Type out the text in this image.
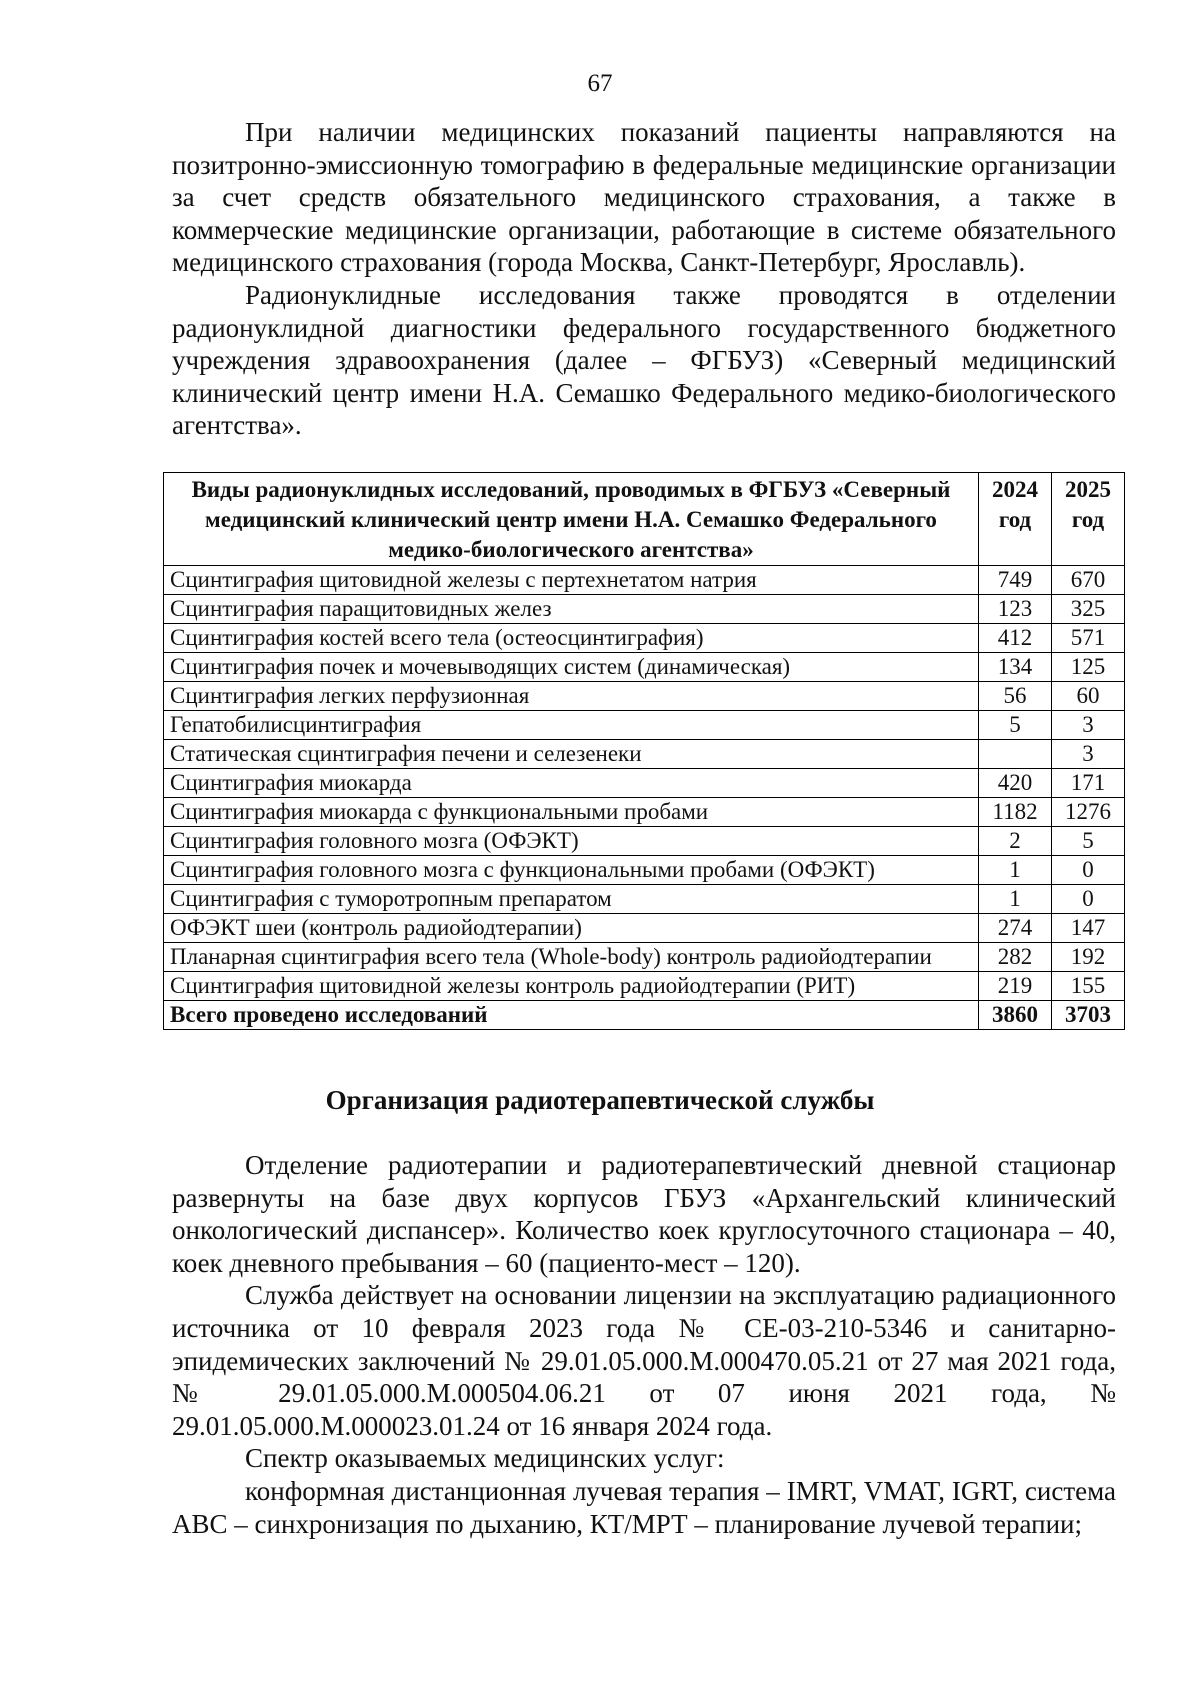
67

При наличии медицинских показаний пациенты направляются на позитронно-эмиссионную томографию в федеральные медицинские организации за счет средств обязательного медицинского страхования, а также в коммерческие медицинские организации, работающие в системе обязательного медицинского страхования (города Москва, Санкт-Петербург, Ярославль).

Радионуклидные исследования также проводятся в отделении радионуклидной диагностики федерального государственного бюджетного учреждения здравоохранения (далее – ФГБУЗ) «Северный медицинский клинический центр имени Н.А. Семашко Федерального медико-биологического агентства».

Виды радионуклидных исследований, проводимых в ФГБУЗ «Северный медицинский клинический центр имени Н.А. Семашко Федерального медико-биологического агентства»	2024 год	2025 год
Сцинтиграфия щитовидной железы с пертехнетатом натрия	749	670
Сцинтиграфия паращитовидных желез	123	325
Сцинтиграфия костей всего тела (остеосцинтиграфия)	412	571
Сцинтиграфия почек и мочевыводящих систем (динамическая)	134	125
Сцинтиграфия легких перфузионная	56	60
Гепатобилисцинтиграфия	5	3
Статическая сцинтиграфия печени и селезенеки		3
Сцинтиграфия миокарда	420	171
Сцинтиграфия миокарда с функциональными пробами	1182	1276
Сцинтиграфия головного мозга (ОФЭКТ)	2	5
Сцинтиграфия головного мозга с функциональными пробами (ОФЭКТ)	1	0
Сцинтиграфия с туморотропным препаратом	1	0
ОФЭКТ шеи (контроль радиойодтерапии)	274	147
Планарная сцинтиграфия всего тела (Whole-body) контроль радиойодтерапии	282	192
Сцинтиграфия щитовидной железы контроль радиойодтерапии (РИТ)	219	155
Всего проведено исследований	3860	3703
Организация радиотерапевтической службы

Отделение радиотерапии и радиотерапевтический дневной стационар развернуты на базе двух корпусов ГБУЗ «Архангельский клинический онкологический диспансер». Количество коек круглосуточного стационара – 40, коек дневного пребывания – 60 (пациенто-мест – 120).

Служба действует на основании лицензии на эксплуатацию радиационного источника от 10 февраля 2023 года № СЕ-03-210-5346 и санитарно-эпидемических заключений № 29.01.05.000.М.000470.05.21 от 27 мая 2021 года, № 29.01.05.000.М.000504.06.21 от 07 июня 2021 года, № 29.01.05.000.М.000023.01.24 от 16 января 2024 года.

Спектр оказываемых медицинских услуг:

конформная дистанционная лучевая терапия – IMRT, VMAT, IGRT, система ABC – синхронизация по дыханию, КТ/МРТ – планирование лучевой терапии;
